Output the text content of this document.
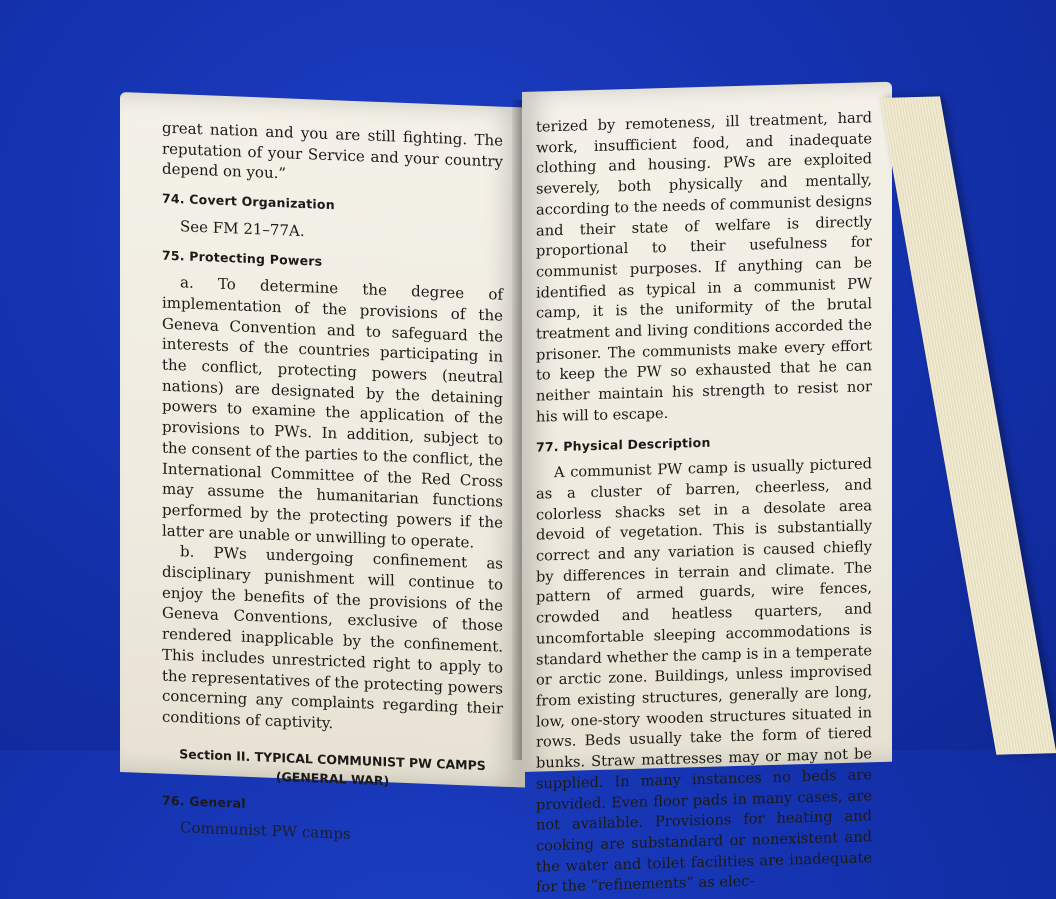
great nation and you are still fighting. The reputation of your Service and your country depend on you.”

74. Covert Organization

See FM 21–77A.

75. Protecting Powers

a. To determine the degree of implementation of the provisions of the Geneva Convention and to safeguard the interests of the countries participating in the conflict, protecting powers (neutral nations) are designated by the detaining powers to examine the application of the provisions to PWs. In addition, subject to the consent of the parties to the conflict, the International Committee of the Red Cross may assume the humanitarian functions performed by the protecting powers if the latter are unable or unwilling to operate.

b. PWs undergoing confinement as disciplinary punishment will continue to enjoy the benefits of the provisions of the Geneva Conventions, exclusive of those rendered inapplicable by the confinement. This includes unrestricted right to apply to the representatives of the protecting powers concerning any complaints regarding their conditions of captivity.

Section II. TYPICAL COMMUNIST PW CAMPS
(GENERAL WAR)
76. General

Communist PW camps

terized by remoteness, ill treatment, hard work, insufficient food, and inadequate clothing and housing. PWs are exploited severely, both physically and mentally, according to the needs of communist designs and their state of welfare is directly proportional to their usefulness for communist purposes. If anything can be identified as typical in a communist PW camp, it is the uniformity of the brutal treatment and living conditions accorded the prisoner. The communists make every effort to keep the PW so exhausted that he can neither maintain his strength to resist nor his will to escape.

77. Physical Description

A communist PW camp is usually pictured as a cluster of barren, cheerless, and colorless shacks set in a desolate area devoid of vegetation. This is substantially correct and any variation is caused chiefly by differences in terrain and climate. The pattern of armed guards, wire fences, crowded and heatless quarters, and uncomfortable sleeping accommodations is standard whether the camp is in a temperate or arctic zone. Buildings, unless improvised from existing structures, generally are long, low, one-story wooden structures situated in rows. Beds usually take the form of tiered bunks. Straw mattresses may or may not be supplied. In many instances no beds are provided. Even floor pads in many cases, are not available. Provisions for heating and cooking are substandard or nonexistent and the water and toilet facilities are inadequate for the “refinements” as elec-
